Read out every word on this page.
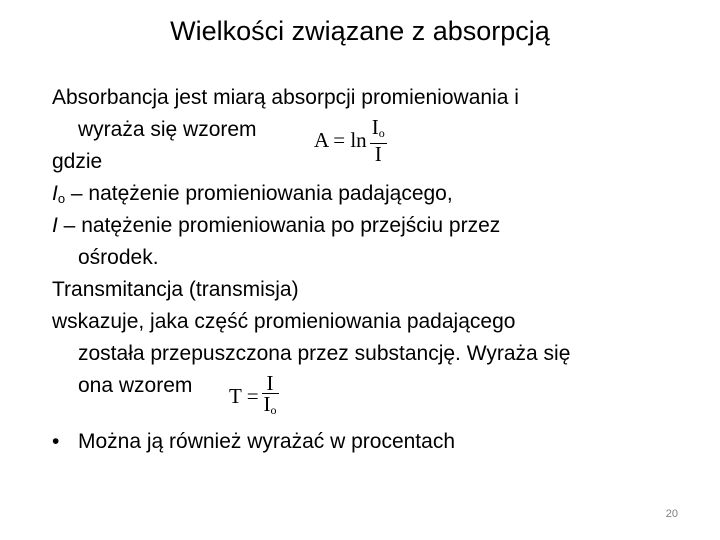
Wielkości związane z absorpcją
Absorbancja jest miarą absorpcji promieniowania i
wyraża się wzorem
gdzie
$I_o$ – natężenie promieniowania padającego,
I – natężenie promieniowania po przejściu przez
ośrodek.
Transmitancja (transmisja)
wskazuje, jaka część promieniowania padającego
została przepuszczona przez substancję. Wyraża się
ona wzorem
• Można ją również wyrażać w procentach
$A = \ln \frac{I_o}{I}$
$T = \frac{I}{I_o}$
20
